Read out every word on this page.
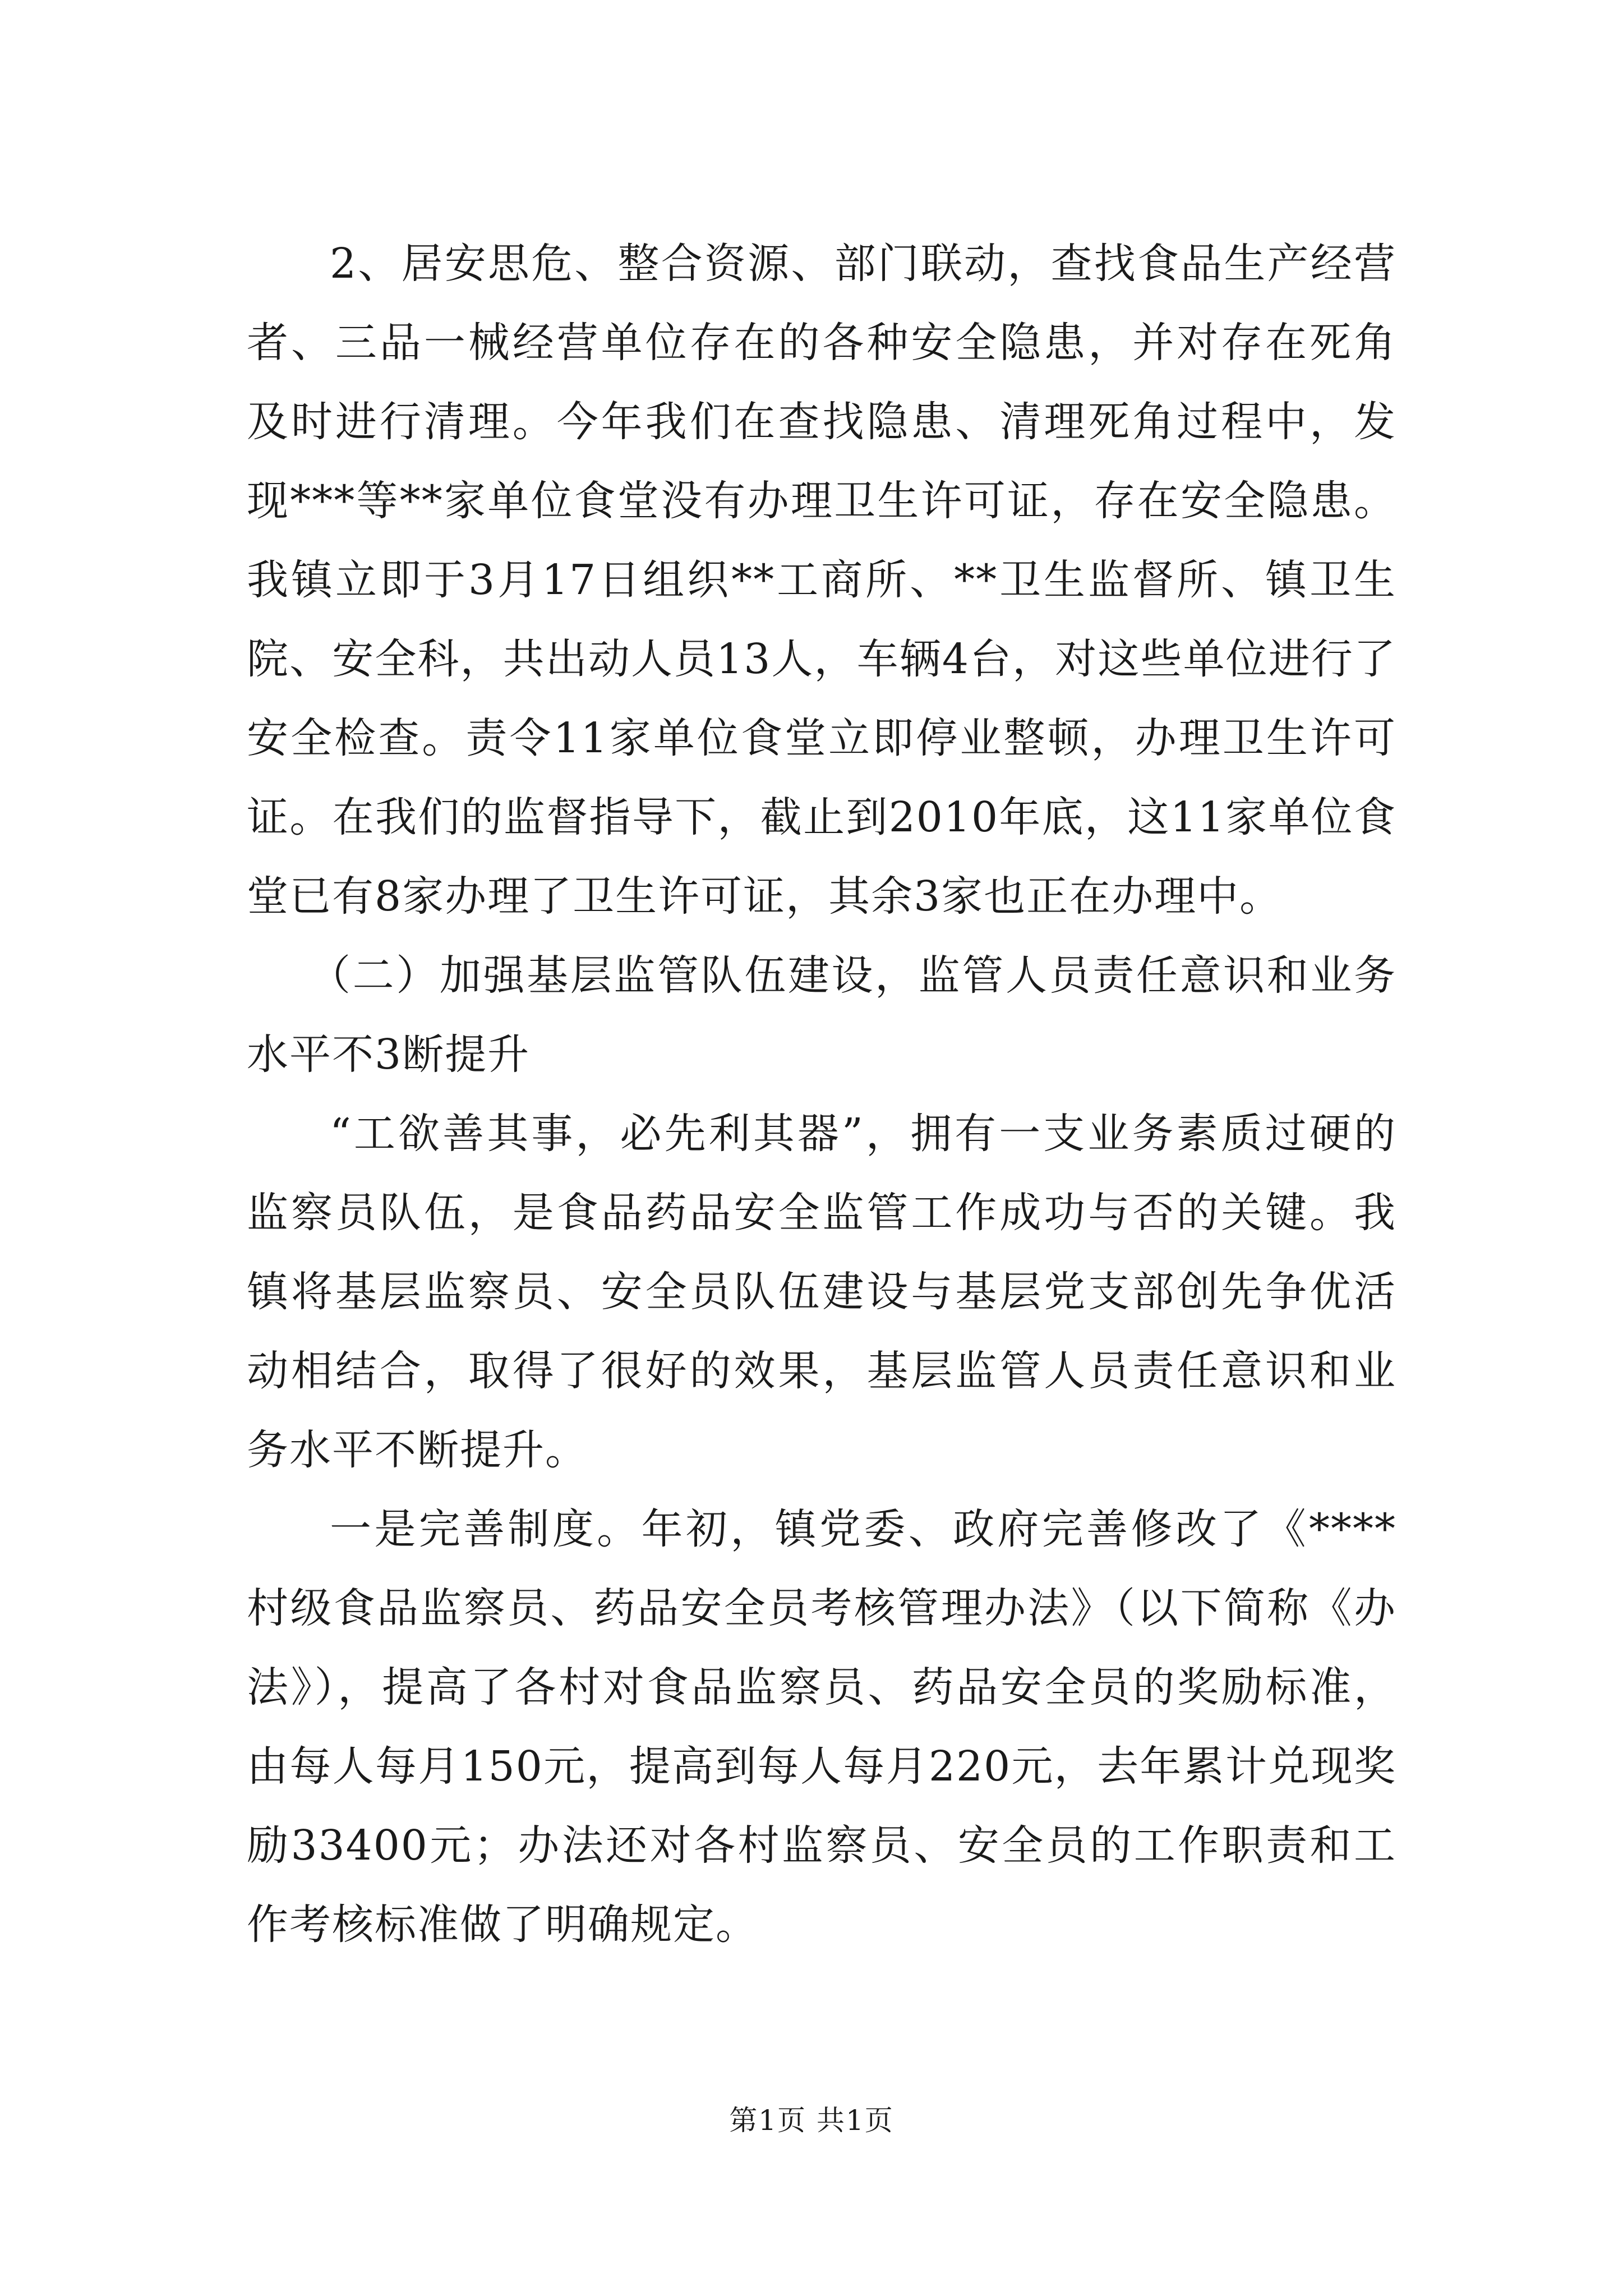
2、居安思危、整合资源、部门联动，查找食品生产经营者、三品一械经营单位存在的各种安全隐患，并对存在死角及时进行清理。今年我们在查找隐患、清理死角过程中，发现***等**家单位食堂没有办理卫生许可证，存在安全隐患。我镇立即于3月17日组织**工商所、**卫生监督所、镇卫生院、安全科，共出动人员13人，车辆4台，对这些单位进行了安全检查。责令11家单位食堂立即停业整顿，办理卫生许可证。在我们的监督指导下，截止到2010年底，这11家单位食堂已有8家办理了卫生许可证，其余3家也正在办理中。

（二）加强基层监管队伍建设，监管人员责任意识和业务水平不3断提升

“工欲善其事，必先利其器”，拥有一支业务素质过硬的监察员队伍，是食品药品安全监管工作成功与否的关键。我镇将基层监察员、安全员队伍建设与基层党支部创先争优活动相结合，取得了很好的效果，基层监管人员责任意识和业务水平不断提升。

一是完善制度。年初，镇党委、政府完善修改了《****村级食品监察员、药品安全员考核管理办法》（以下简称《办法》），提高了各村对食品监察员、药品安全员的奖励标准，由每人每月150元，提高到每人每月220元，去年累计兑现奖励33400元；办法还对各村监察员、安全员的工作职责和工作考核标准做了明确规定。

第1页 共1页
